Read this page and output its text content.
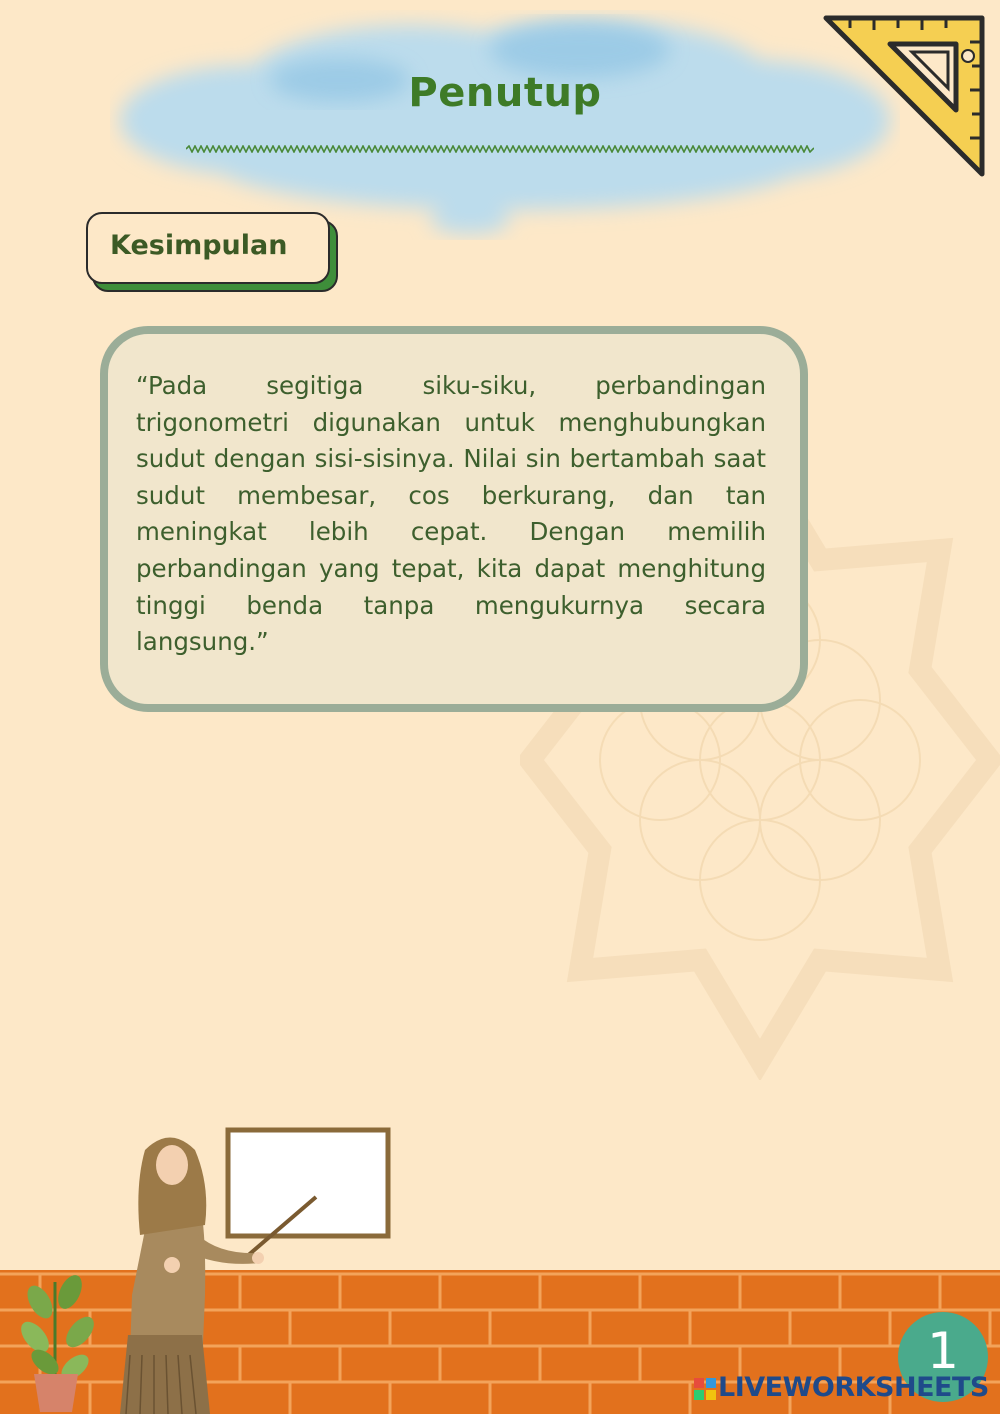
Penutup
Kesimpulan

“Pada segitiga siku-siku, perbandingan trigonometri digunakan untuk menghubungkan sudut dengan sisi-sisinya. Nilai sin bertambah saat sudut membesar, cos berkurang, dan tan meningkat lebih cepat. Dengan memilih perbandingan yang tepat, kita dapat menghitung tinggi benda tanpa mengukurnya secara langsung.”

1
LIVEWORKSHEETS
